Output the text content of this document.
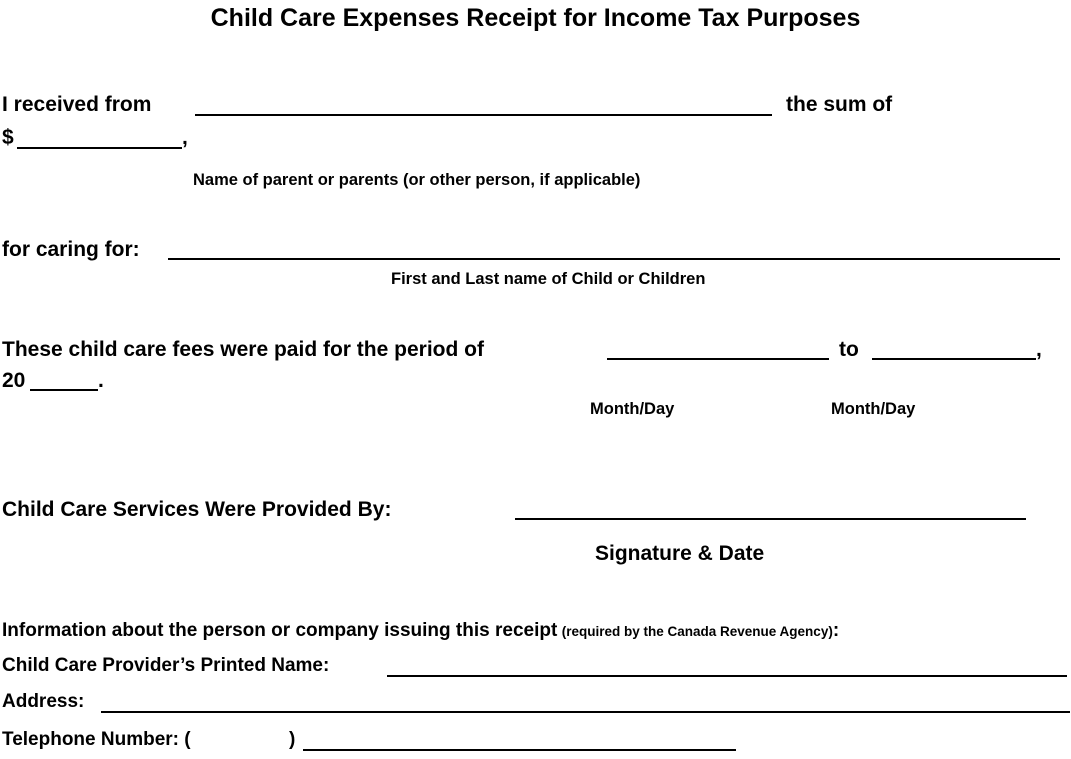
Child Care Expenses Receipt for Income Tax Purposes
I received from	the sum of
$	,
Name of parent or parents (or other person, if applicable)
for caring for:
First and Last name of Child or Children
These child care fees were paid for the period of	to	,
20	.
Month/Day	Month/Day
Child Care Services Were Provided By:
Signature & Date
Information about the person or company issuing this receipt (required by the Canada Revenue Agency):
Child Care Provider’s Printed Name:
Address:
Telephone Number: (	)
